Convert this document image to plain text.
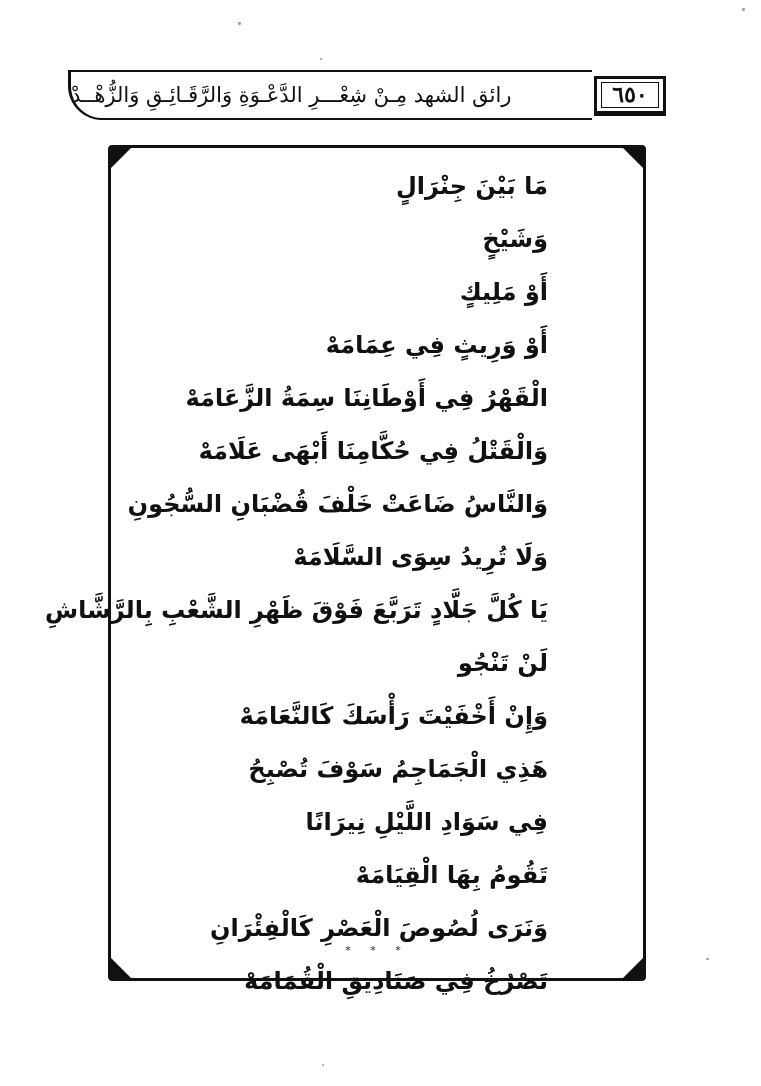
رائق الشهد مِـنْ شِعْـــرِ الدَّعْـوَةِ وَالرَّقَـائِـقِ وَالزُّهْــدْ	٦٥٠
مَا بَيْنَ جِنْرَالٍ
وَشَيْخٍ
أَوْ مَلِيكٍ
أَوْ وَرِيثٍ فِي عِمَامَهْ
الْقَهْرُ فِي أَوْطَانِنَا سِمَةُ الزَّعَامَهْ
وَالْقَتْلُ فِي حُكَّامِنَا أَبْهَى عَلَامَهْ
وَالنَّاسُ ضَاعَتْ خَلْفَ قُضْبَانِ السُّجُونِ
وَلَا تُرِيدُ سِوَى السَّلَامَهْ
يَا كُلَّ جَلَّادٍ تَرَبَّعَ فَوْقَ ظَهْرِ الشَّعْبِ بِالرَّشَّاشِ
لَنْ تَنْجُو
وَإِنْ أَخْفَيْتَ رَأْسَكَ كَالنَّعَامَهْ
هَذِي الْجَمَاجِمُ سَوْفَ تُصْبِحُ
فِي سَوَادِ اللَّيْلِ نِيرَانًا
تَقُومُ بِهَا الْقِيَامَهْ
وَنَرَى لُصُوصَ الْعَصْرِ كَالْفِئْرَانِ
تَصْرُخُ فِي صَنَادِيقِ الْقُمَامَهْ
* * *
